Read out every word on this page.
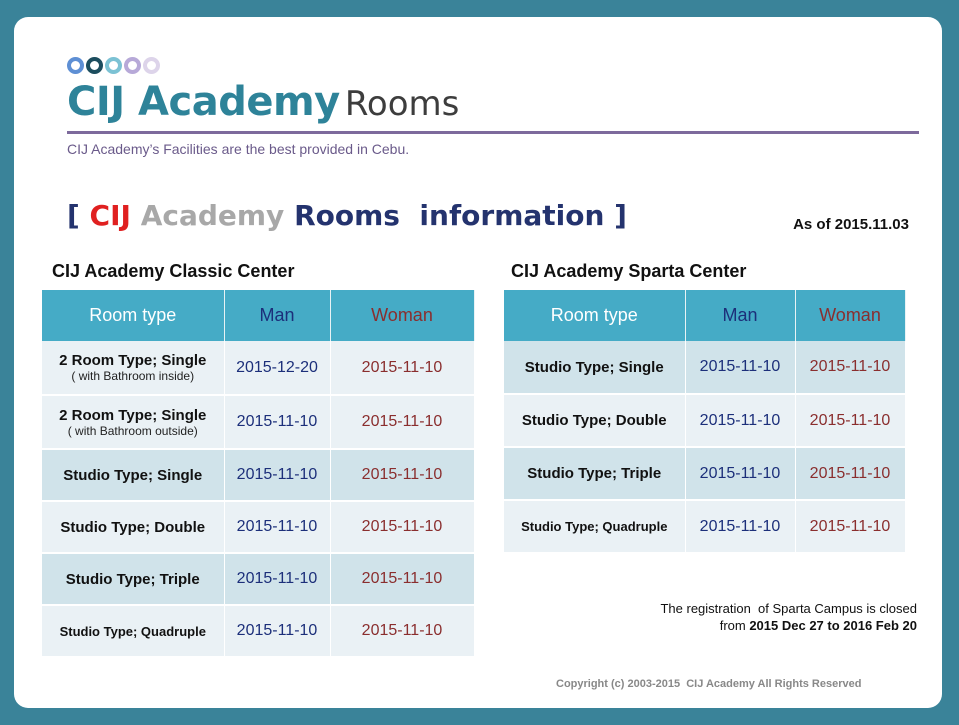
CIJ Academy Rooms
CIJ Academy’s Facilities are the best provided in Cebu.
[ CIJ Academy Rooms  information ]	As of 2015.11.03
CIJ Academy Classic Center
Room type	Man	Woman
2 Room Type; Single
( with Bathroom inside)	2015-12-20	2015-11-10
2 Room Type; Single
( with Bathroom outside)	2015-11-10	2015-11-10
Studio Type; Single	2015-11-10	2015-11-10
Studio Type; Double	2015-11-10	2015-11-10
Studio Type; Triple	2015-11-10	2015-11-10
Studio Type; Quadruple	2015-11-10	2015-11-10
CIJ Academy Sparta Center
Room type	Man	Woman
Studio Type; Single	2015-11-10	2015-11-10
Studio Type; Double	2015-11-10	2015-11-10
Studio Type; Triple	2015-11-10	2015-11-10
Studio Type; Quadruple	2015-11-10	2015-11-10
The registration  of Sparta Campus is closed
from 2015 Dec 27 to 2016 Feb 20
Copyright (c) 2003-2015  CIJ Academy All Rights Reserved
